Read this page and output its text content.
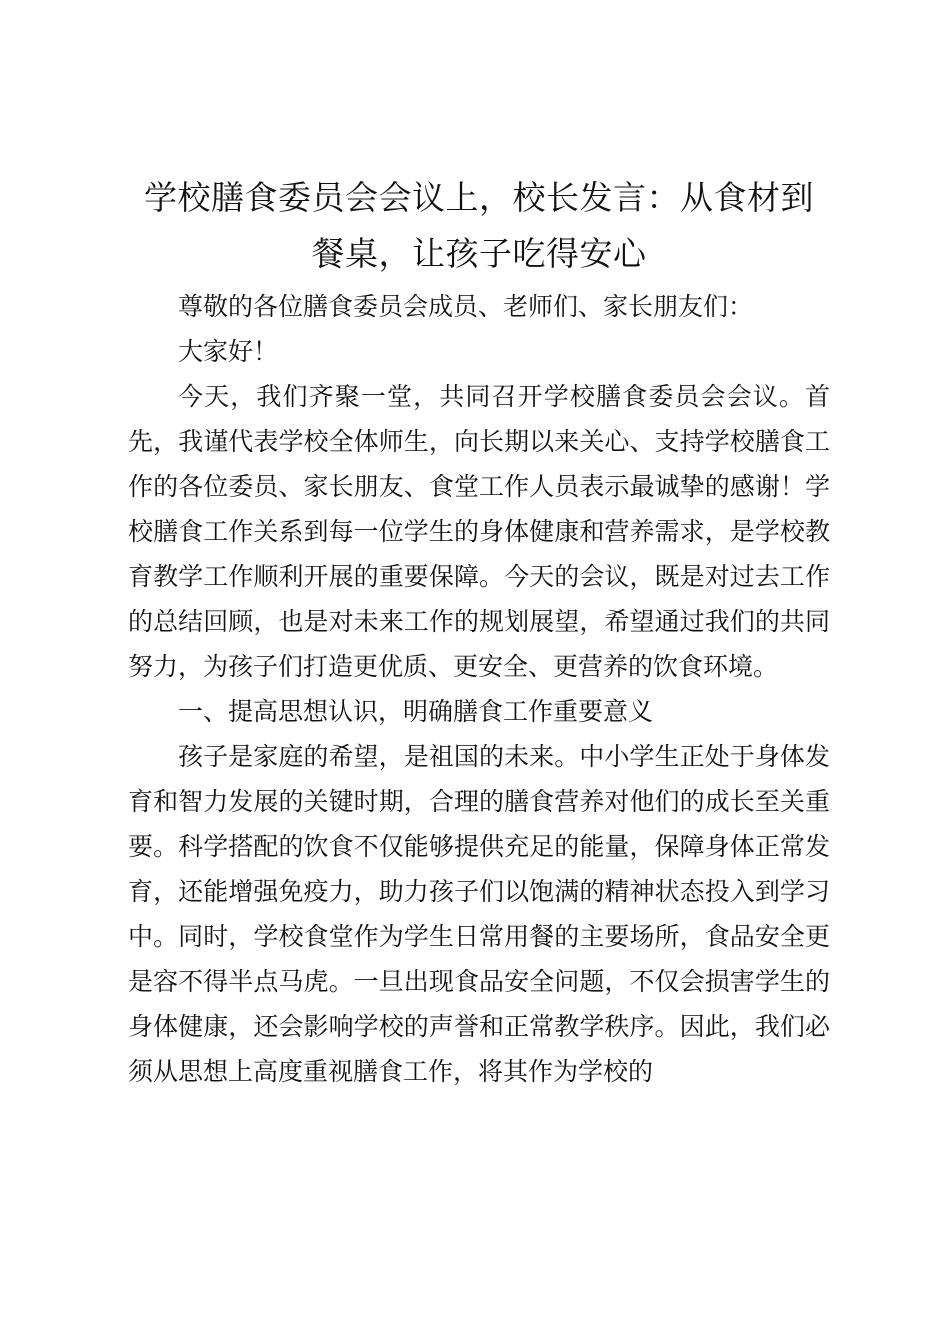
学校膳食委员会会议上，校长发言：从食材到餐桌，让孩子吃得安心

尊敬的各位膳食委员会成员、老师们、家长朋友们：

大家好！

今天，我们齐聚一堂，共同召开学校膳食委员会会议。首先，我谨代表学校全体师生，向长期以来关心、支持学校膳食工作的各位委员、家长朋友、食堂工作人员表示最诚挚的感谢！学校膳食工作关系到每一位学生的身体健康和营养需求，是学校教育教学工作顺利开展的重要保障。今天的会议，既是对过去工作的总结回顾，也是对未来工作的规划展望，希望通过我们的共同努力，为孩子们打造更优质、更安全、更营养的饮食环境。

一、提高思想认识，明确膳食工作重要意义

孩子是家庭的希望，是祖国的未来。中小学生正处于身体发育和智力发展的关键时期，合理的膳食营养对他们的成长至关重要。科学搭配的饮食不仅能够提供充足的能量，保障身体正常发育，还能增强免疫力，助力孩子们以饱满的精神状态投入到学习中。同时，学校食堂作为学生日常用餐的主要场所，食品安全更是容不得半点马虎。一旦出现食品安全问题，不仅会损害学生的身体健康，还会影响学校的声誉和正常教学秩序。因此，我们必须从思想上高度重视膳食工作，将其作为学校的
